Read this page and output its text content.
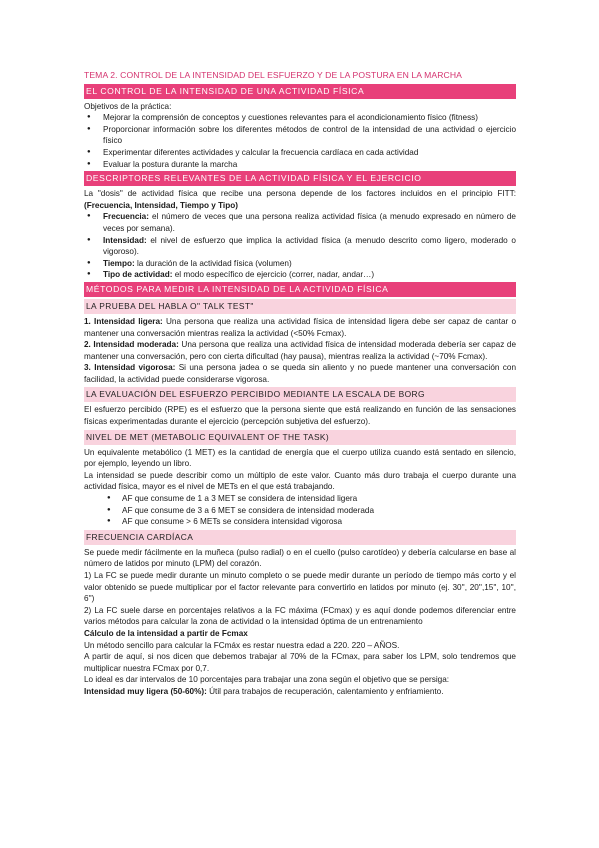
TEMA 2. CONTROL DE LA INTENSIDAD DEL ESFUERZO Y DE LA POSTURA EN LA MARCHA
EL CONTROL DE LA INTENSIDAD DE UNA ACTIVIDAD FÍSICA

Objetivos de la práctica:

● Mejorar la comprensión de conceptos y cuestiones relevantes para el acondicionamiento físico (fitness)
● Proporcionar información sobre los diferentes métodos de control de la intensidad de una actividad o ejercicio físico
● Experimentar diferentes actividades y calcular la frecuencia cardíaca en cada actividad
● Evaluar la postura durante la marcha
DESCRIPTORES RELEVANTES DE LA ACTIVIDAD FÍSICA Y EL EJERCICIO

La "dosis" de actividad física que recibe una persona depende de los factores incluidos en el principio FITT: (Frecuencia, Intensidad, Tiempo y Tipo)

● Frecuencia: el número de veces que una persona realiza actividad física (a menudo expresado en número de veces por semana).
● Intensidad: el nivel de esfuerzo que implica la actividad física (a menudo descrito como ligero, moderado o vigoroso).
● Tiempo: la duración de la actividad física (volumen)
● Tipo de actividad: el modo específico de ejercicio (correr, nadar, andar…)
MÉTODOS PARA MEDIR LA INTENSIDAD DE LA ACTIVIDAD FÍSICA
LA PRUEBA DEL HABLA O" TALK TEST"

1. Intensidad ligera: Una persona que realiza una actividad física de intensidad ligera debe ser capaz de cantar o mantener una conversación mientras realiza la actividad (<50% Fcmax).

2. Intensidad moderada: Una persona que realiza una actividad física de intensidad moderada debería ser capaz de mantener una conversación, pero con cierta dificultad (hay pausa), mientras realiza la actividad (~70% Fcmax).

3. Intensidad vigorosa: Si una persona jadea o se queda sin aliento y no puede mantener una conversación con facilidad, la actividad puede considerarse vigorosa.

LA EVALUACIÓN DEL ESFUERZO PERCIBIDO MEDIANTE LA ESCALA DE BORG

El esfuerzo percibido (RPE) es el esfuerzo que la persona siente que está realizando en función de las sensaciones físicas experimentadas durante el ejercicio (percepción subjetiva del esfuerzo).

NIVEL DE MET (METABOLIC EQUIVALENT OF THE TASK)

Un equivalente metabólico (1 MET) es la cantidad de energía que el cuerpo utiliza cuando está sentado en silencio, por ejemplo, leyendo un libro.

La intensidad se puede describir como un múltiplo de este valor. Cuanto más duro trabaja el cuerpo durante una actividad física, mayor es el nivel de METs en el que está trabajando.

● AF que consume de 1 a 3 MET se considera de intensidad ligera
● AF que consume de 3 a 6 MET se considera de intensidad moderada
● AF que consume > 6 METs se considera intensidad vigorosa
FRECUENCIA CARDÍACA

Se puede medir fácilmente en la muñeca (pulso radial) o en el cuello (pulso carotídeo) y debería calcularse en base al número de latidos por minuto (LPM) del corazón.

1) La FC se puede medir durante un minuto completo o se puede medir durante un período de tiempo más corto y el valor obtenido se puede multiplicar por el factor relevante para convertirlo en latidos por minuto (ej. 30'', 20'',15'', 10'', 6'')

2) La FC suele darse en porcentajes relativos a la FC máxima (FCmax) y es aquí donde podemos diferenciar entre varios métodos para calcular la zona de actividad o la intensidad óptima de un entrenamiento

Cálculo de la intensidad a partir de Fcmax

Un método sencillo para calcular la FCmáx es restar nuestra edad a 220. 220 – AÑOS.

A partir de aquí, si nos dicen que debemos trabajar al 70% de la FCmax, para saber los LPM, solo tendremos que multiplicar nuestra FCmax por 0,7.

Lo ideal es dar intervalos de 10 porcentajes para trabajar una zona según el objetivo que se persiga:

Intensidad muy ligera (50-60%): Útil para trabajos de recuperación, calentamiento y enfriamiento.
